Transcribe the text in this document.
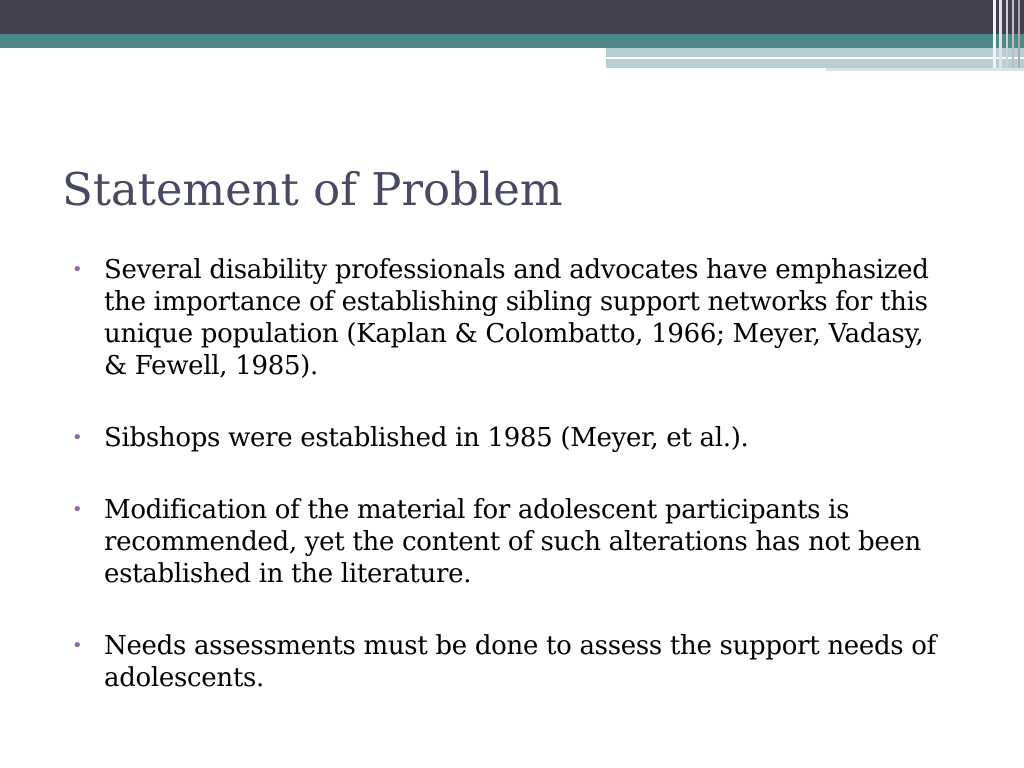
Statement of Problem
• Several disability professionals and advocates have emphasized the importance of establishing sibling support networks for this unique population (Kaplan & Colombatto, 1966; Meyer, Vadasy, & Fewell, 1985).
• Sibshops were established in 1985 (Meyer, et al.).
• Modification of the material for adolescent participants is recommended, yet the content of such alterations has not been established in the literature.
• Needs assessments must be done to assess the support needs of adolescents.
